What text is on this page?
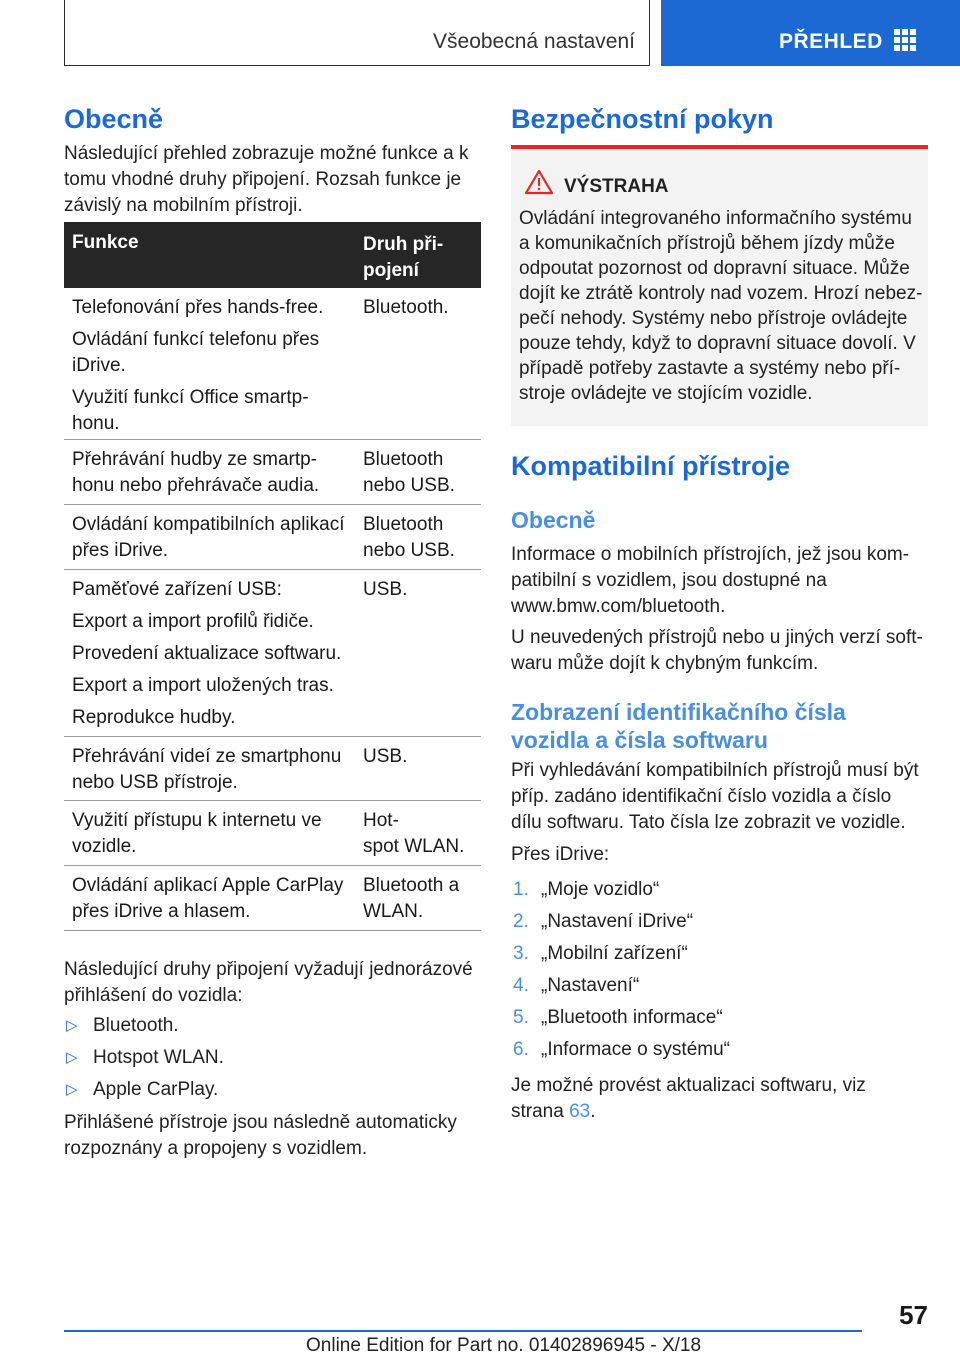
Všeobecná nastavení	PŘEHLED
Obecně
Následující přehled zobrazuje možné funkce a k tomu vhodné druhy připojení. Rozsah funkce je závislý na mobilním přístroji.
Funkce	Druh při-
pojení
Telefonování přes hands-free.
Ovládání funkcí telefonu přes iDrive.
Využití funkcí Office smartp-
honu.
Bluetooth.
Přehrávání hudby ze smartp-
honu nebo přehrávače audia.
Bluetooth
nebo USB.
Ovládání kompatibilních aplikací přes iDrive.
Bluetooth
nebo USB.
Paměťové zařízení USB:
Export a import profilů řidiče.
Provedení aktualizace softwaru.
Export a import uložených tras.
Reprodukce hudby.
USB.
Přehrávání videí ze smartphonu nebo USB přístroje.
USB.
Využití přístupu k internetu ve vozidle.
Hot-
spot WLAN.
Ovládání aplikací Apple CarPlay přes iDrive a hlasem.
Bluetooth a
WLAN.
Následující druhy připojení vyžadují jednorázové přihlášení do vozidla:
▷ Bluetooth.
▷ Hotspot WLAN.
▷ Apple CarPlay.
Přihlášené přístroje jsou následně automaticky rozpoznány a propojeny s vozidlem.
Bezpečnostní pokyn
VÝSTRAHA
Ovládání integrovaného informačního systému a komunikačních přístrojů během jízdy může odpoutat pozornost od dopravní situace. Může dojít ke ztrátě kontroly nad vozem. Hrozí nebez-pečí nehody. Systémy nebo přístroje ovládejte pouze tehdy, když to dopravní situace dovolí. V případě potřeby zastavte a systémy nebo pří-stroje ovládejte ve stojícím vozidle.
Kompatibilní přístroje
Obecně
Informace o mobilních přístrojích, jež jsou kom-patibilní s vozidlem, jsou dostupné na www.bmw.com/bluetooth.
U neuvedených přístrojů nebo u jiných verzí soft-waru může dojít k chybným funkcím.
Zobrazení identifikačního čísla vozidla a čísla softwaru
Při vyhledávání kompatibilních přístrojů musí být příp. zadáno identifikační číslo vozidla a číslo dílu softwaru. Tato čísla lze zobrazit ve vozidle.
Přes iDrive:
1. „Moje vozidlo“
2. „Nastavení iDrive“
3. „Mobilní zařízení“
4. „Nastavení“
5. „Bluetooth informace“
6. „Informace o systému“
Je možné provést aktualizaci softwaru, viz
strana 63.
57
Online Edition for Part no. 01402896945 - X/18
